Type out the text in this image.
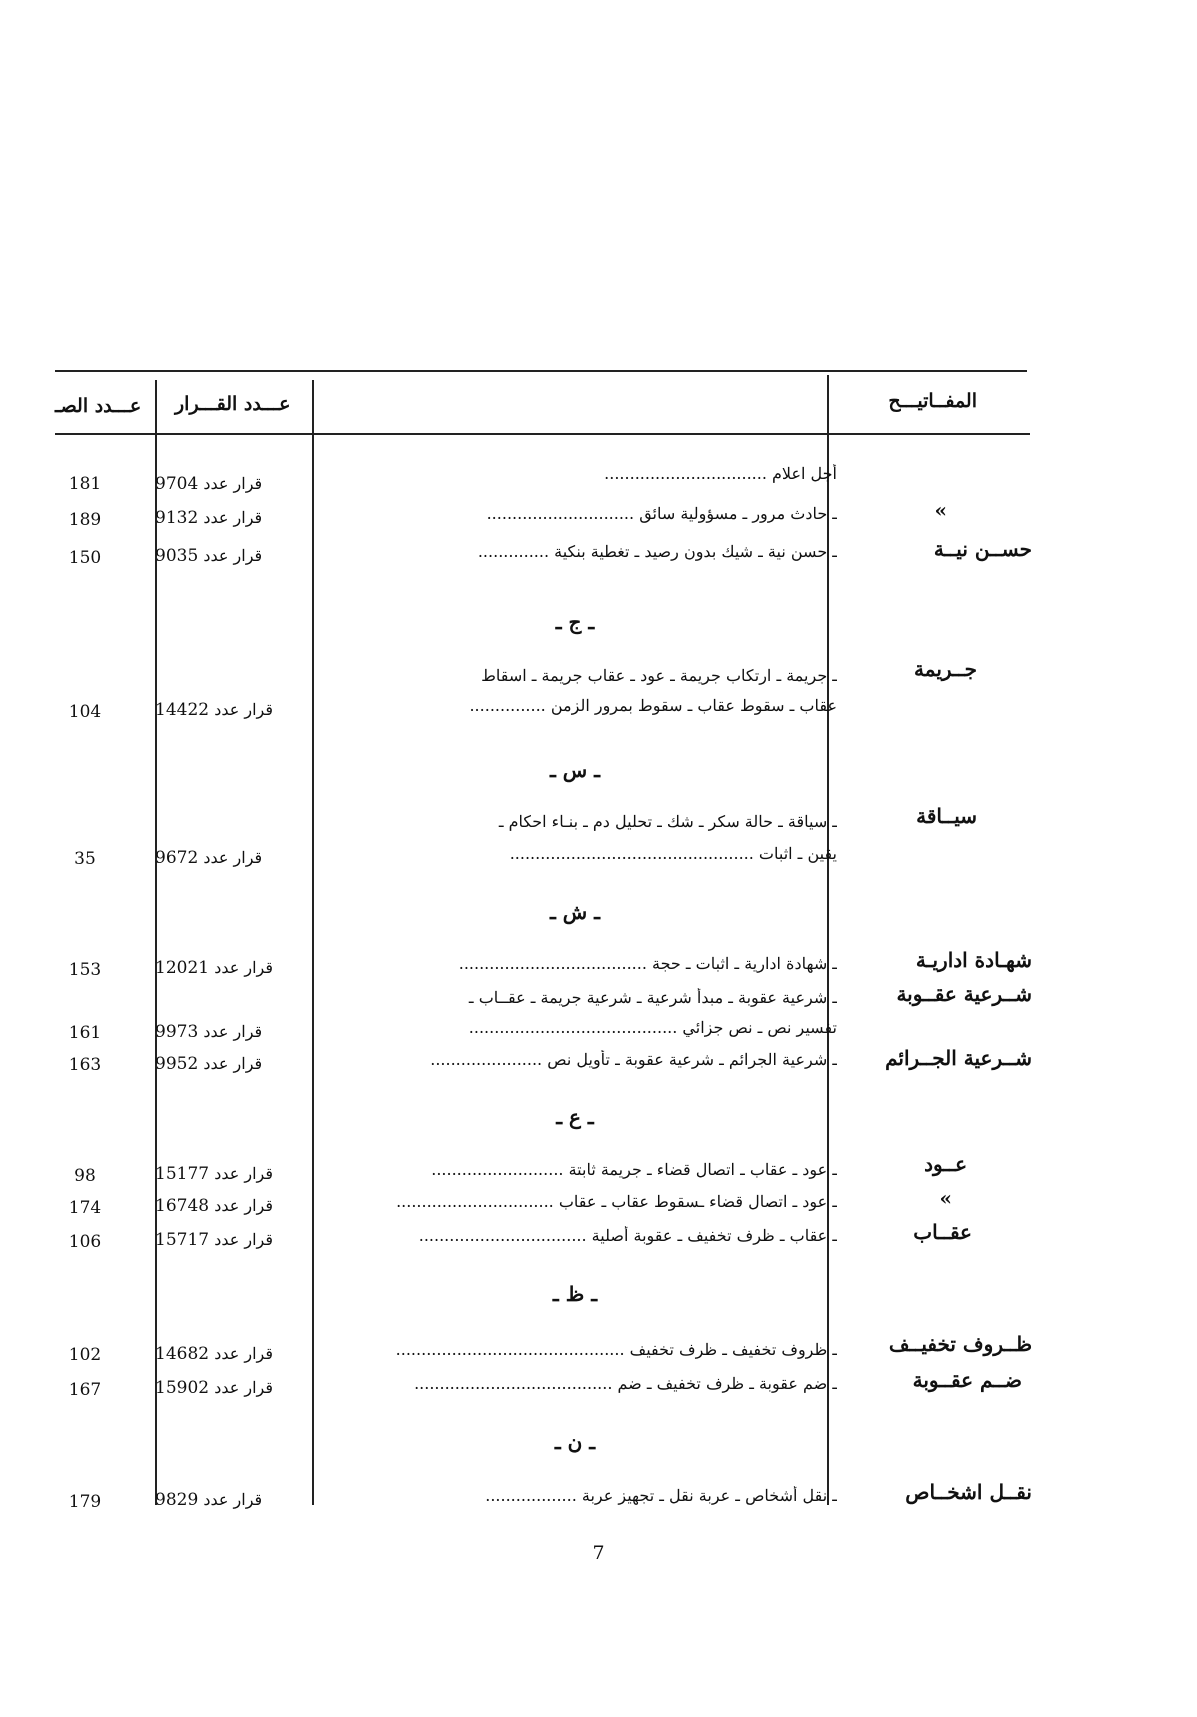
المفــاتيـــح
عـــدد القـــرار
عـــدد الصـ
أجل اعلام ................................
قرار عدد 9704
181
»
ـ حادث مرور ـ مسؤولية سائق .............................
قرار عدد 9132
189
حســن نيــة
ـ حسن نية ـ شيك بدون رصيد ـ تغطية بنكية ..............
قرار عدد 9035
150
ـ ج ـ
جــريمة
ـ جريمة ـ ارتكاب جريمة ـ عود ـ عقاب جريمة ـ اسقاط
عقاب ـ سقوط عقاب ـ سقوط بمرور الزمن ...............
قرار عدد 14422
104
ـ س ـ
سيــاقة
ـ سياقة ـ حالة سكر ـ شك ـ تحليل دم ـ بنـاء احكام ـ
يقين ـ اثبات ................................................
قرار عدد 9672
35
ـ ش ـ
شهـادة اداريـة
ـ شهادة ادارية ـ اثبات ـ حجة .....................................
قرار عدد 12021
153
شــرعية عقــوبة
ـ شرعية عقوبة ـ مبدأ شرعية ـ شرعية جريمة ـ عقــاب ـ
تفسير نص ـ نص جزائي .........................................
قرار عدد 9973
161
شــرعية الجــرائم
ـ شرعية الجرائم ـ شرعية عقوبة ـ تأويل نص ......................
قرار عدد 9952
163
ـ ع ـ
عــود
ـ عود ـ عقاب ـ اتصال قضاء ـ جريمة ثابتة ..........................
قرار عدد 15177
98
»
ـ عود ـ اتصال قضاء ـسقوط عقاب ـ عقاب ...............................
قرار عدد 16748
174
عقــاب
ـ عقاب ـ ظرف تخفيف ـ عقوبة أصلية .................................
قرار عدد 15717
106
ـ ظ ـ
ظــروف تخفيــف
ـ ظروف تخفيف ـ ظرف تخفيف .............................................
قرار عدد 14682
102
ضــم عقــوبة
ـ ضم عقوبة ـ ظرف تخفيف ـ ضم .......................................
قرار عدد 15902
167
ـ ن ـ
نقــل اشخــاص
ـ نقل أشخاص ـ عربة نقل ـ تجهيز عربة ..................
قرار عدد 9829
179
7
